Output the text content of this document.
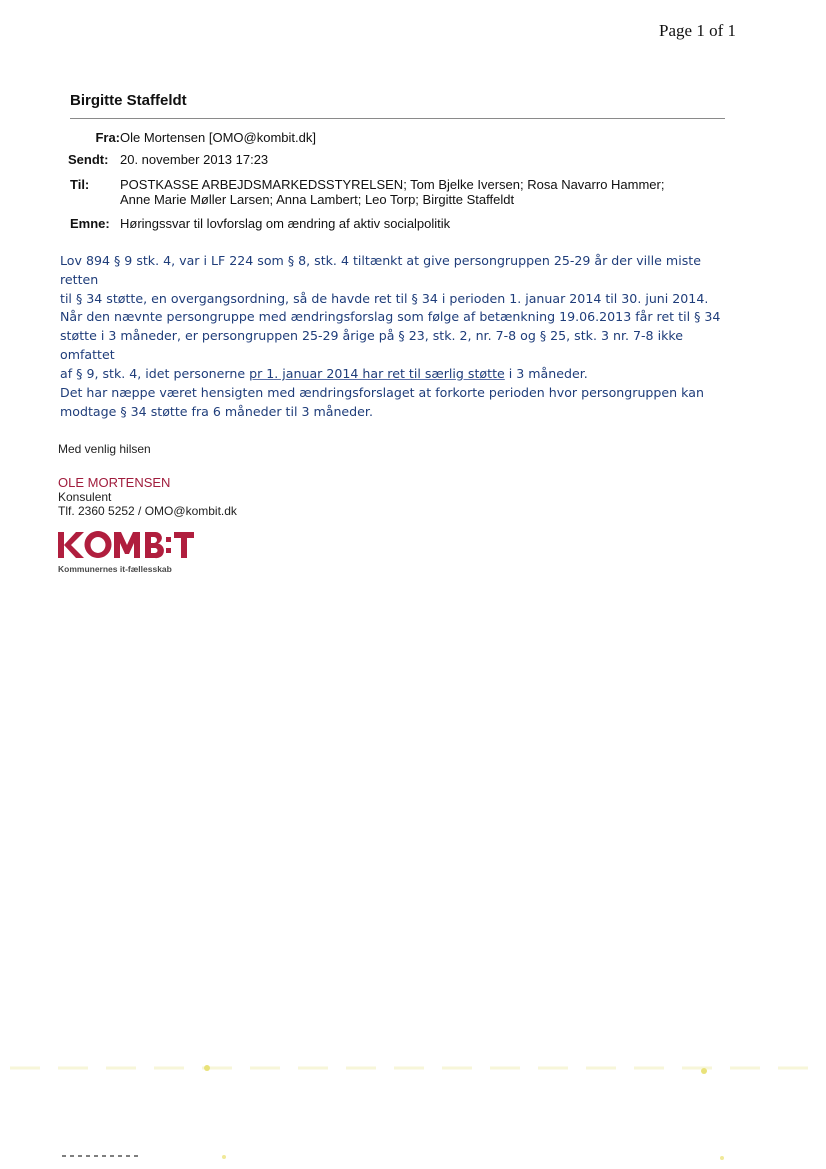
Page 1 of 1
Birgitte Staffeldt
Fra: Ole Mortensen [OMO@kombit.dk]
Sendt: 20. november 2013 17:23
Til:	POSTKASSE ARBEJDSMARKEDSSTYRELSEN; Tom Bjelke Iversen; Rosa Navarro Hammer;
Anne Marie Møller Larsen; Anna Lambert; Leo Torp; Birgitte Staffeldt
Emne: Høringssvar til lovforslag om ændring af aktiv socialpolitik
Lov 894 § 9 stk. 4, var i LF 224 som § 8, stk. 4 tiltænkt at give persongruppen 25-29 år der ville miste retten
til § 34 støtte, en overgangsordning, så de havde ret til § 34 i perioden 1. januar 2014 til 30. juni 2014.
Når den nævnte persongruppe med ændringsforslag som følge af betænkning 19.06.2013 får ret til § 34
støtte i 3 måneder, er persongruppen 25-29 årige på § 23, stk. 2, nr. 7-8 og § 25, stk. 3 nr. 7-8 ikke omfattet
af § 9, stk. 4, idet personerne pr 1. januar 2014 har ret til særlig støtte i 3 måneder.
Det har næppe været hensigten med ændringsforslaget at forkorte perioden hvor persongruppen kan
modtage § 34 støtte fra 6 måneder til 3 måneder.
Med venlig hilsen
OLE MORTENSEN
Konsulent
Tlf. 2360 5252 / OMO@kombit.dk
Kommunernes it-fællesskab
